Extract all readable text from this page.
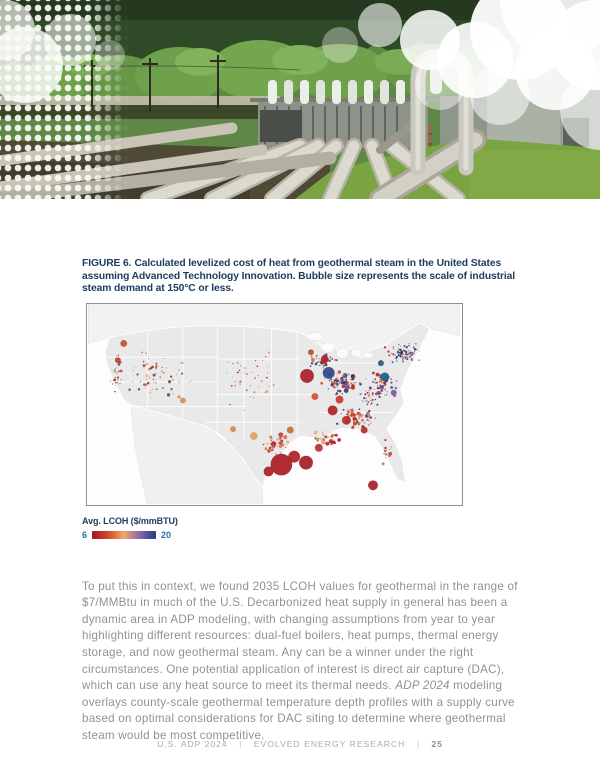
FIGURE 6. Calculated levelized cost of heat from geothermal steam in the United States assuming Advanced Technology Innovation. Bubble size represents the scale of industrial steam demand at 150°C or less.
Avg. LCOH ($/mmBTU)
6	20

To put this in context, we found 2035 LCOH values for geothermal in the range of $7/MMBtu in much of the U.S. Decarbonized heat supply in general has been a dynamic area in ADP modeling, with changing assumptions from year to year highlighting different resources: dual-fuel boilers, heat pumps, thermal energy storage, and now geothermal steam. Any can be a winner under the right circumstances. One potential application of interest is direct air capture (DAC), which can use any heat source to meet its thermal needs. ADP 2024 modeling overlays county-scale geothermal temperature depth profiles with a supply curve based on optimal considerations for DAC siting to determine where geothermal steam would be most competitive.

U.S. ADP 2024 | EVOLVED ENERGY RESEARCH | 25
